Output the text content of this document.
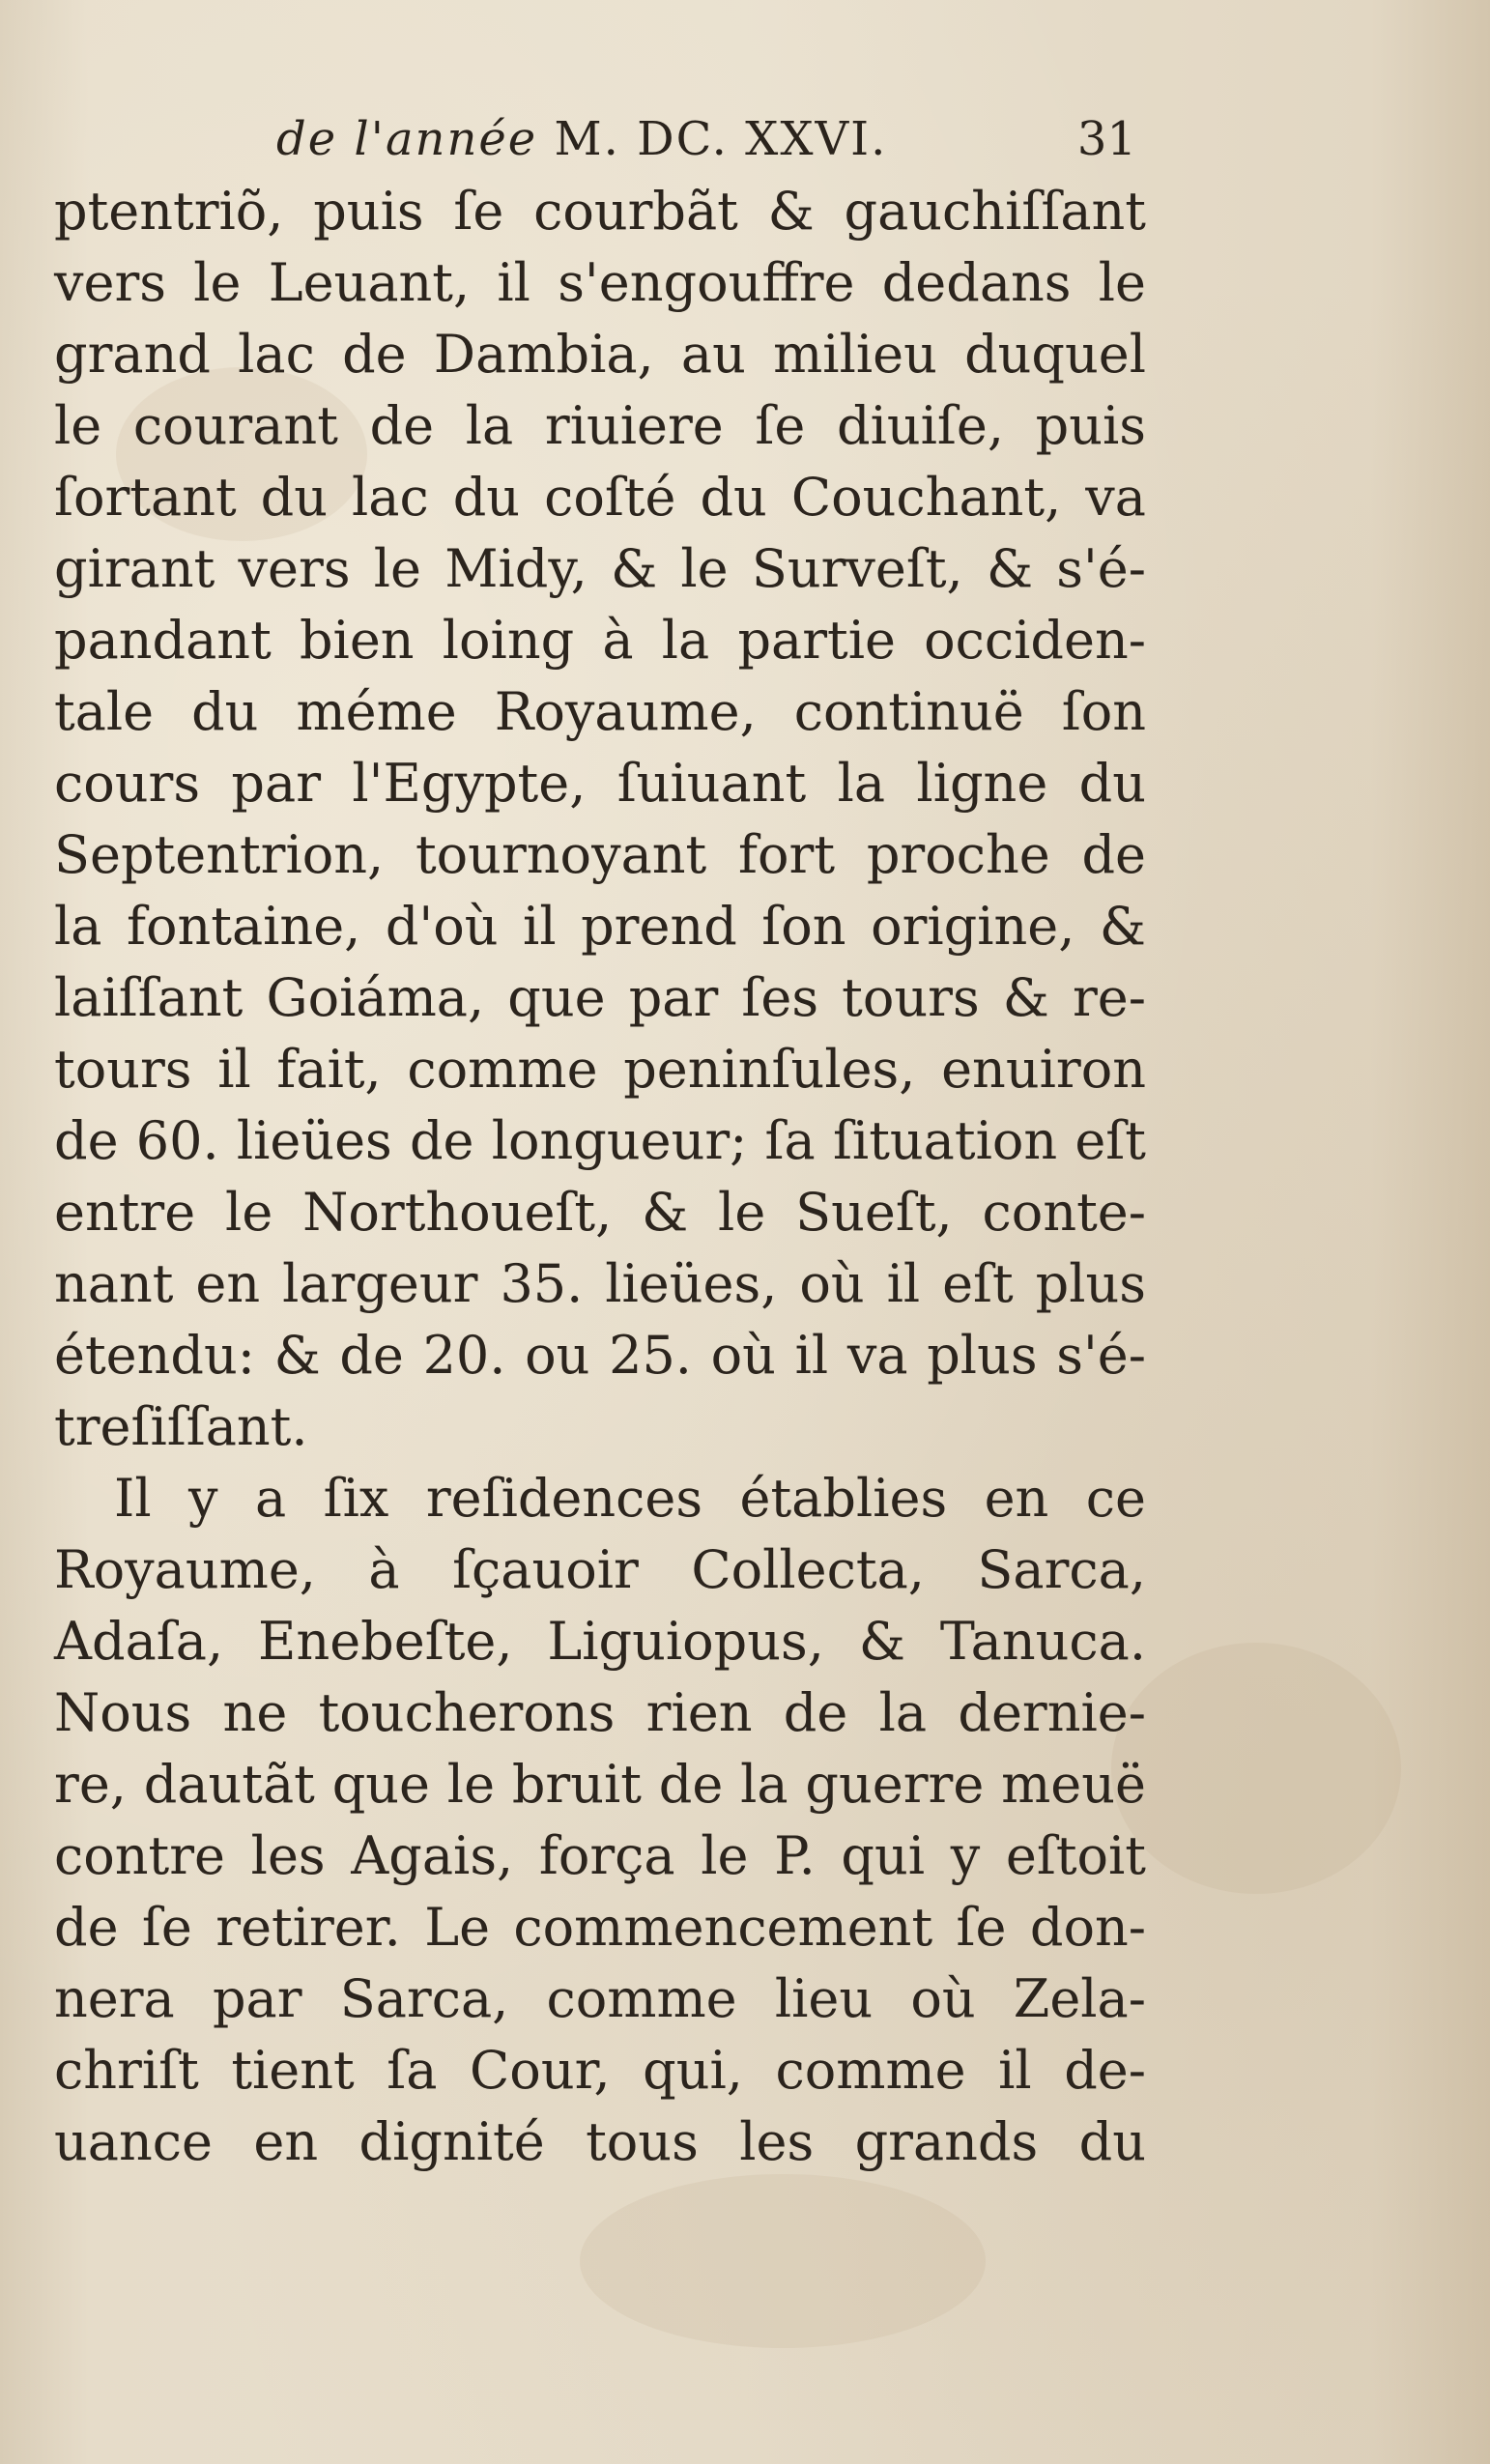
de l'année M. DC. XXVI.	31
ptentriõ, puis ſe courbãt & gauchiſſant
vers le Leuant, il s'engouffre dedans le
grand lac de Dambia, au milieu duquel
le courant de la riuiere ſe diuiſe, puis
ſortant du lac du coſté du Couchant, va
girant vers le Midy, & le Surveſt, & s'é-
pandant bien loing à la partie occiden-
tale du méme Royaume, continuë ſon
cours par l'Egypte, ſuiuant la ligne du
Septentrion, tournoyant fort proche de
la fontaine, d'où il prend ſon origine, &
laiſſant Goiáma, que par ſes tours & re-
tours il fait, comme peninſules, enuiron
de 60. lieües de longueur; ſa ſituation eſt
entre le Northoueſt, & le Sueſt, conte-
nant en largeur 35. lieües, où il eſt plus
étendu: & de 20. ou 25. où il va plus s'é-
treſiſſant.
Il y a ſix reſidences établies en ce
Royaume, à ſçauoir Collecta, Sarca,
Adaſa, Enebeſte, Liguiopus, & Tanuca.
Nous ne toucherons rien de la dernie-
re, dautãt que le bruit de la guerre meuë
contre les Agais, força le P. qui y eſtoit
de ſe retirer. Le commencement ſe don-
nera par Sarca, comme lieu où Zela-
chriſt tient ſa Cour, qui, comme il de-
uance en dignité tous les grands du
